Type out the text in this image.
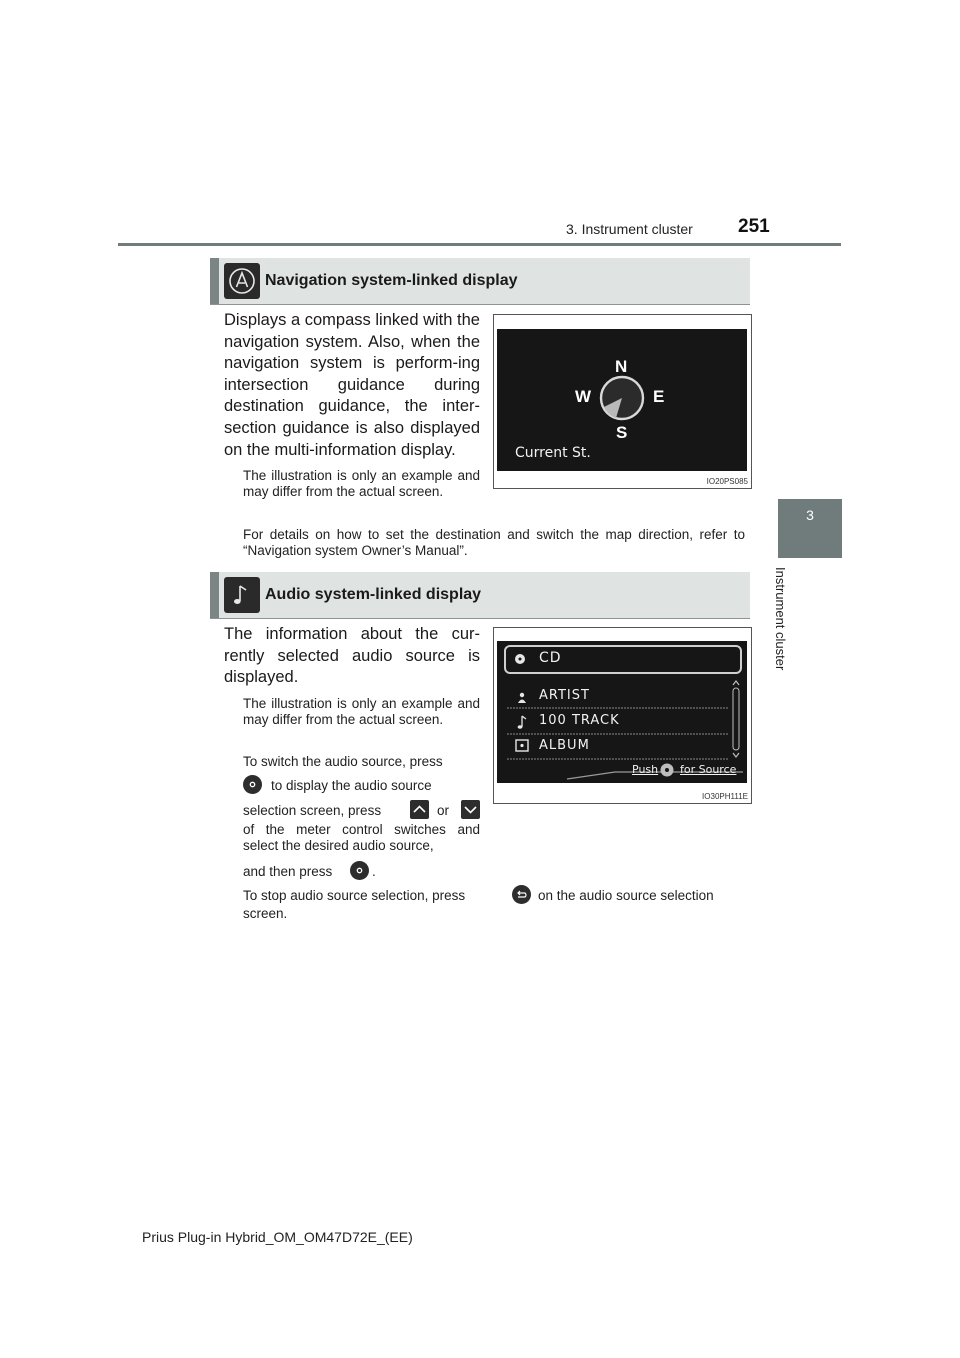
3. Instrument cluster 251
3
Instrument cluster
Navigation system-linked display
Displays a compass linked with the navigation system. Also, when the navigation system is perform-ing intersection guidance during destination guidance, the inter-section guidance is also displayed on the multi-information display.
The illustration is only an example and may differ from the actual screen.
For details on how to set the destination and switch the map direction, refer to “Navigation system Owner’s Manual”.
N
E
S
W
Current St.
IO20PS085
Audio system-linked display
The information about the cur-rently selected audio source is displayed.
The illustration is only an example and may differ from the actual screen.
To switch the audio source, press
to display the audio source
selection screen, press	or
of the meter control switches and select the desired audio source,
and then press	.
To stop audio source selection, press	on the audio source selection
screen.
CD
ARTIST
100 TRACK
ALBUM
Push for Source
IO30PH111E
Prius Plug-in Hybrid_OM_OM47D72E_(EE)
